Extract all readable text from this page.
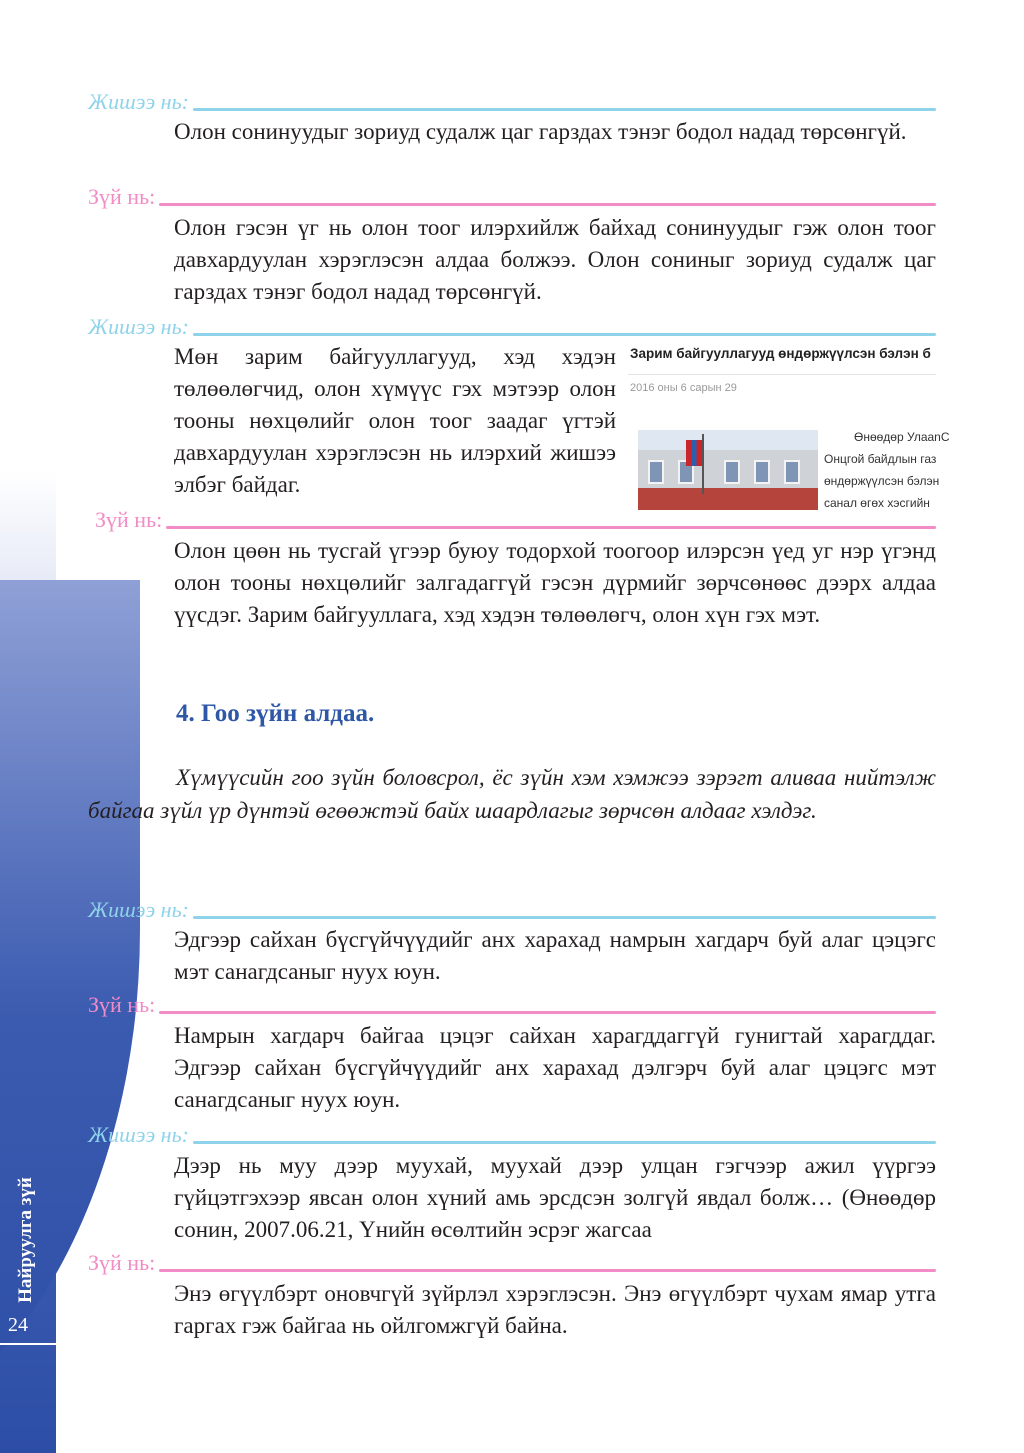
Найруулга зүй
24
Жишээ нь:

Олон сонинуудыг зориуд судалж цаг гарздах тэнэг бодол надад төрсөнгүй.

Зүй нь:

Олон гэсэн үг нь олон тоог илэрхийлж байхад сонинуудыг гэж олон тоог давхардуулан хэрэглэсэн алдаа болжээ. Олон сониныг зориуд судалж цаг гарздах тэнэг бодол надад төрсөнгүй.

Жишээ нь:

Мөн зарим байгууллагууд, хэд хэдэн төлөөлөгчид, олон хүмүүс гэх мэтээр олон тооны нөхцөлийг олон тоог заадаг үгтэй давхардуулан хэрэглэсэн нь илэрхий жишээ элбэг байдаг.

Зарим байгууллагууд өндөржүүлсэн бэлэн б
2016 оны 6 сарын 29
Өнөөдөр УлааnС
Онцгой байдлын газ
өндөржүүлсэн бэлэн
санал өгөх хэсгийн
Зүй нь:

Олон цөөн нь тусгай үгээр буюу тодорхой тоогоор илэрсэн үед уг нэр үгэнд олон тооны нөхцөлийг залгадаггүй гэсэн дүрмийг зөрчсөнөөс дээрх алдаа үүсдэг. Зарим байгууллага, хэд хэдэн төлөөлөгч, олон хүн гэх мэт.

4. Гоо зүйн алдаа.

Хүмүүсийн гоо зүйн боловсрол, ёс зүйн хэм хэмжээ зэрэгт аливаа нийтэлж байгаа зүйл үр дүнтэй өгөөжтэй байх шаардлагыг зөрчсөн алдааг хэлдэг.

Жишээ нь:

Эдгээр сайхан бүсгүйчүүдийг анх харахад намрын хагдарч буй алаг цэцэгс мэт санагдсаныг нуух юун.

Зүй нь:

Намрын хагдарч байгаа цэцэг сайхан харагддаггүй гунигтай харагддаг. Эдгээр сайхан бүсгүйчүүдийг анх харахад дэлгэрч буй алаг цэцэгс мэт санагдсаныг нуух юун.

Жишээ нь:

Дээр нь муу дээр муухай, муухай дээр улцан гэгчээр ажил үүргээ гүйцэтгэхээр явсан олон хүний амь эрсдсэн золгүй явдал болж… (Өнөөдөр сонин, 2007.06.21, Үнийн өсөлтийн эсрэг жагсаа

Зүй нь:

Энэ өгүүлбэрт оновчгүй зүйрлэл хэрэглэсэн. Энэ өгүүлбэрт чухам ямар утга гаргах гэж байгаа нь ойлгомжгүй байна.
